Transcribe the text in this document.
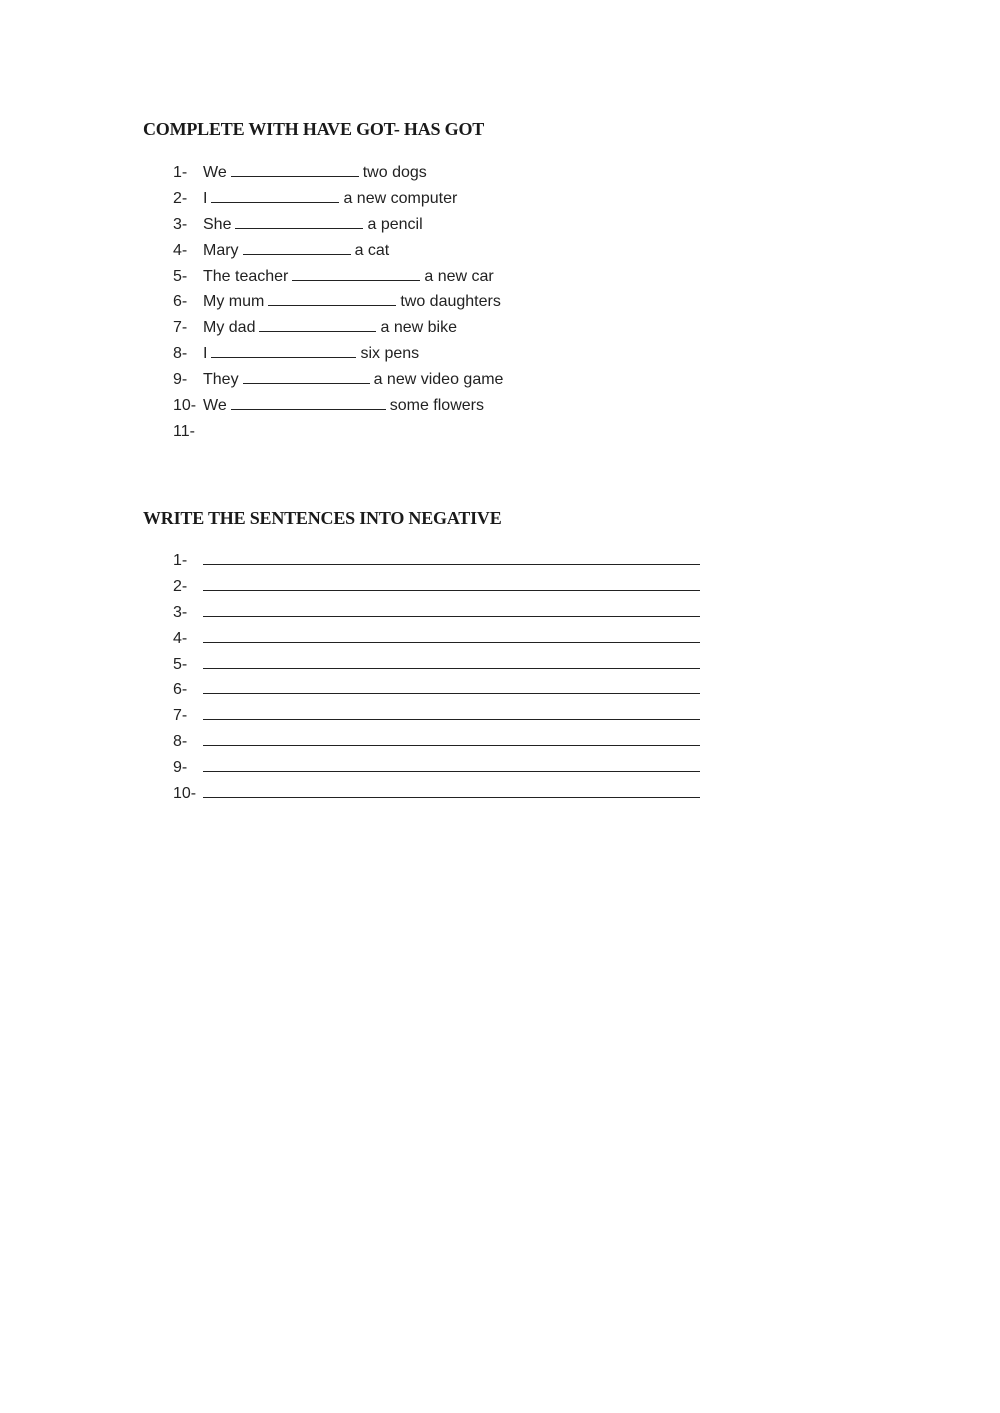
COMPLETE WITH HAVE GOT- HAS GOT
1- We	two dogs
2- I	a new computer
3- She	a pencil
4- Mary	a cat
5- The teacher	a new car
6- My mum	two daughters
7- My dad	a new bike
8- I	six pens
9- They	a new video game
10- We	some flowers
11-
WRITE THE SENTENCES INTO NEGATIVE
1-
2-
3-
4-
5-
6-
7-
8-
9-
10-
